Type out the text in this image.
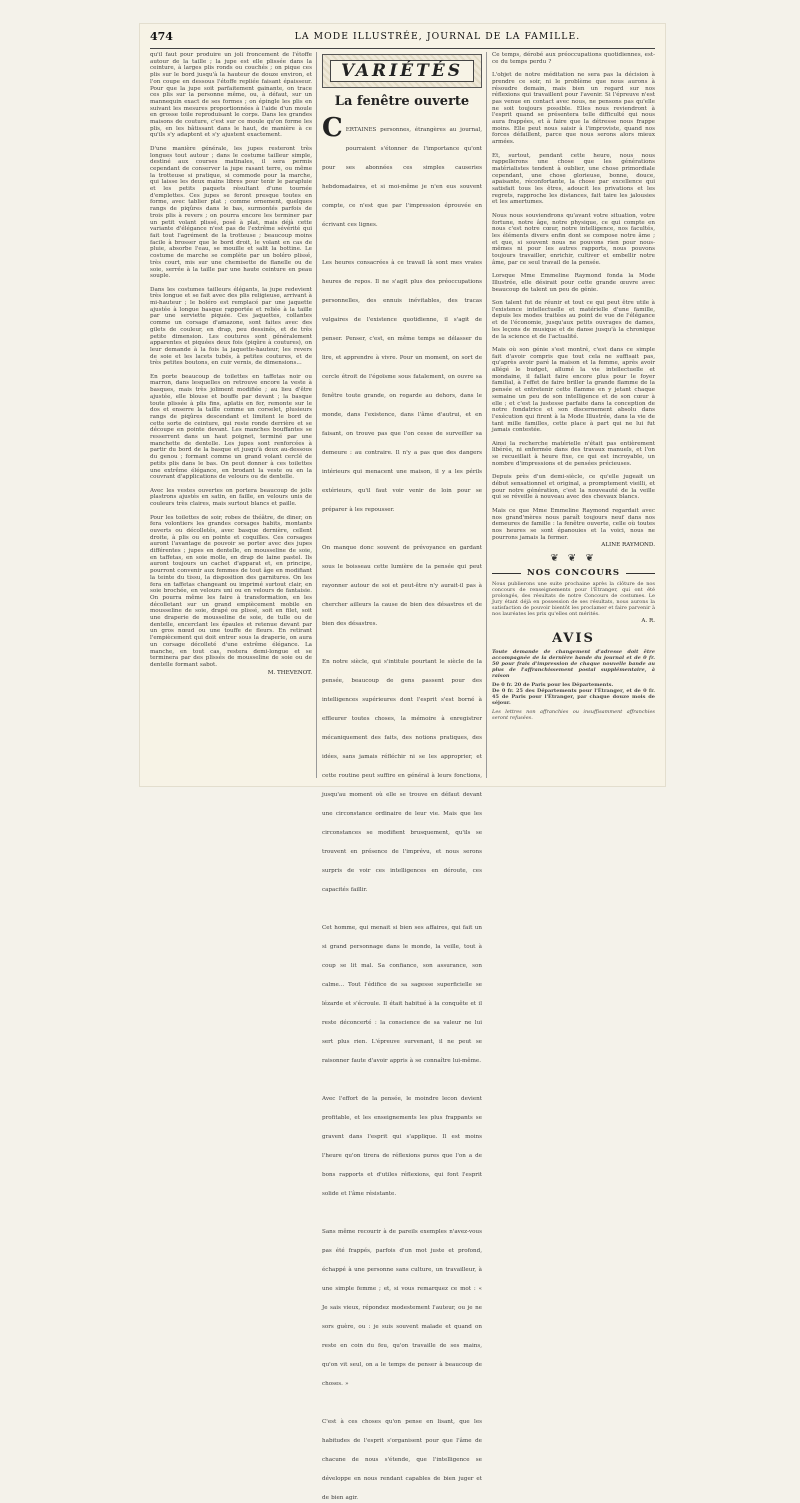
474	LA MODE ILLUSTRÉE, JOURNAL DE LA FAMILLE.
qu'il faut pour produire un joli froncement de l'étoffe autour de la taille ; la jupe est elle plissée dans la ceinture, à larges plis ronds ou couchés ; on pique ces plis sur le bord jusqu'à la hauteur de douze environ, et l'on coupe en dessous l'étoffe repliée faisant épaisseur. Pour que la jupe soit parfaitement gainante, on trace ces plis sur la personne même, ou, à défaut, sur un mannequin exact de ses formes ; on épingle les plis en suivant les mesures proportionnées à l'aide d'un moule en grosse toile reproduisant le corps. Dans les grandes maisons de couture, c'est sur ce moule qu'on forme les plis, en les bâtissant dans le haut, de manière à ce qu'ils s'y adaptent et s'y ajustent exactement.

D'une manière générale, les jupes resteront très longues tout autour ; dans le costume tailleur simple, destiné aux courses matinales, il sera permis cependant de conserver la jupe rasant terre, ou même la trotteuse si pratique, si commode pour la marche, qui laisse les deux mains libres pour tenir le parapluie et les petits paquets résultant d'une tournée d'emplettes. Ces jupes se feront presque toutes en forme, avec tablier plat ; comme ornement, quelques rangs de piqûres dans le bas, surmontés parfois de trois plis à revers ; on pourra encore les terminer par un petit volant plissé, posé à plat, mais déjà cette variante d'élégance n'est pas de l'extrême sévérité qui fait tout l'agrément de la trotteuse ; beaucoup moins facile à brosser que le bord droit, le volant en cas de pluie, absorbe l'eau, se mouille et salit la bottine. Le costume de marche se complète par un boléro plissé, très court, mis sur une chemisette de flanelle ou de soie, serrée à la taille par une haute ceinture en peau souple.

Dans les costumes tailleurs élégants, la jupe redevient très longue et se fait avec des plis religieuse, arrivant à mi-hauteur ; le boléro est remplacé par une jaquette ajustée à longue basque rapportée et reliée à la taille par une serviette piquée. Ces jaquettes, collantes comme un corsage d'amazone, sont faites avec des gilets de couleur, en drap, peu dessinés, et de très petite dimension. Les coutures sont généralement apparentes et piquées deux fois (piqûre à coutures), on leur demande à la fois la jaquette-hauteur, les revers de soie et les lacets tubés, à petites coutures, et de très petites boutons, en cuir vernis, de dimensions...

En porte beaucoup de toilettes en taffetas noir ou marron, dans lesquelles on retrouve encore la veste à basques, mais très joliment modifiée ; au lieu d'être ajustée, elle blouse et bouffe par devant ; la basque toute plissée à plis fins, aplatis en fer, remonte sur le dos et enserre la taille comme un corselet, plusieurs rangs de piqûres descendant et limitent le bord de cette sorte de ceinture, qui reste ronde derrière et se découpe en pointe devant. Les manches bouffantes se resserrent dans un haut poignet, terminé par une manchette de dentelle. Les jupes sont renforcées à partir du bord de la basque et jusqu'à deux au-dessous du genou ; formant comme un grand volant cerclé de petits plis dans le bas. On peut donner à ces toilettes une extrême élégance, en brodant la veste ou en la couvrant d'applications de velours ou de dentelle.

Avec les vestes ouvertes on portera beaucoup de jolis plastrons ajustés en satin, en faille, en velours unis de couleurs très claires, mais surtout blancs et paille.

Pour les toilettes de soir, robes de théâtre, de diner, on fera volontiers les grandes corsages habits, montants ouverts ou décolletés, avec basque dernière, cellent droite, à plis ou en pointe et coquilles. Ces corsages auront l'avantage de pouvoir se porter avec des jupes différentes ; jupes en dentelle, en mousseline de soie, en taffetas, en soie molle, en drap de laine pastel. Ils auront toujours un cachet d'apparat et, en principe, pourront convenir aux femmes de tout âge en modifiant la teinte du tissu, la disposition des garnitures. On les fera en taffetas changeant ou imprimé surtout clair, en soie brochée, en velours uni ou en velours de fantaisie. On pourra même les faire à transformation, en les décolletant sur un grand empiècement mobile en mousseline de soie, drapé ou plissé, soit en filet, soit une draperie de mousseline de soie, de tulle ou de dentelle, encerclant les épaules et retenue devant par un gros nœud ou une touffe de fleurs. En retirant l'empiècement qui doit entrer sous la draperie, on aura un corsage décolleté d'une extrême élégance. La manche, en tout cas, restera demi-longue et se terminera par des plissés de mousseline de soie ou de dentelle formant sabot.
M. THEVENOT.
VARIÉTÉS
La fenêtre ouverte
C ERTAINES personnes, étrangères au journal, pourraient s'étonner de l'importance qu'ont pour ses abonnées ces simples causeries hebdomadaires, et si moi-même je n'en eus souvent compte, ce n'est que par l'impression éprouvée en écrivant ces lignes.

Les heures consacrées à ce travail là sont mes vraies heures de repos. Il ne s'agit plus des préoccupations personnelles, des ennuis inévitables, des tracas vulgaires de l'existence quotidienne, il s'agit de penser. Penser, c'est, en même temps se délasser du lire, et apprendre à vivre. Pour un moment, on sort de cercle étroit de l'égoïsme sous fatalement, on ouvre sa fenêtre toute grande, on regarde au dehors, dans le monde, dans l'existence, dans l'âme d'autrui, et en faisant, on trouve pas que l'on cesse de surveiller sa demeure : au contraire. Il n'y a pas que des dangers intérieurs qui menacent une maison, il y a les périls extérieurs, qu'il faut voir venir de loin pour se préparer à les repousser.

On manque donc souvent de prévoyance en gardant sous le boisseau cette lumière de la pensée qui peut rayonner autour de soi et peut-être n'y aurait-il pas à chercher ailleurs la cause de bien des désastres et de bien des désastres.

En notre siècle, qui s'intitule pourtant le siècle de la pensée, beaucoup de gens passent pour des intelligences supérieures dont l'esprit s'est borné à effleurer toutes choses, la mémoire à enregistrer mécaniquement des faits, des notions pratiques, des idées, sans jamais réfléchir ni se les approprier, et cette routine peut suffire en général à leurs fonctions, jusqu'au moment où elle se trouve en défaut devant une circonstance ordinaire de leur vie. Mais que les circonstances se modifient brusquement, qu'ils se trouvent en présence de l'imprévu, et nous serons surpris de voir ces intelligences en déroute, ces capacités faillir.

Cet homme, qui menait si bien ses affaires, qui fait un si grand personnage dans le monde, la veille, tout à coup se lit mal. Sa confiance, son assurance, son calme... Tout l'édifice de sa sagesse superficielle se lézarde et s'écroule. Il était habitué à la conquête et il reste déconcerté : la conscience de sa valeur ne lui sert plus rien. L'épreuve survenant, il ne peut se raisonner faute d'avoir appris à se connaître lui-même.

Avec l'effort de la pensée, le moindre lecon devient profitable, et les enseignements les plus frappants se gravent dans l'esprit qui s'applique. Il est moins l'heure qu'on tirera de réflexions pures que l'on a de bons rapports et d'utiles réflexions, qui font l'esprit solide et l'âme résistante.

Sans même recourir à de pareils exemples n'avez-vous pas été frappés, parfois d'un mot juste et profond, échappé à une personne sans culture, un travailleur, à une simple femme ; et, si vous remarquez ce mot : « Je sais vieux, répondez modestement l'auteur, ou je ne sors guère, ou : je suis souvent malade et quand on reste en coin du feu, qu'on travaille de ses mains, qu'on vit seul, on a le temps de penser à beaucoup de choses. »

C'est à ces choses qu'on pense en lisant, que les habitudes de l'esprit s'organisent pour que l'âme de chacune de nous s'étende, que l'intelligence se développe en nous rendant capables de bien juger et de bien agir.
Ce temps, dérobé aux préoccupations quotidiennes, est-ce du temps perdu ?

L'objet de notre méditation ne sera pas la décision à prendre ce soir, ni le problème que nous aurons à résoudre demain, mais bien un regard sur nos réflexions qui travaillent pour l'avenir. Si l'épreuve n'est pas venue en contact avec nous, ne pensons pas qu'elle ne soit toujours possible. Elles nous reviendront à l'esprit quand se présentera telle difficulté qui nous aura frappées, et à faire que la détresse nous frappe moins. Elle peut nous saisir à l'improviste, quand nos forces défaillent, parce que nous serons alors mieux armées.

Et, surtout, pendant cette heure, nous nous rappellerons une chose que les générations matérialistes tendent à oublier, une chose primordiale cependant, une chose glorieuse, bonne, douce, apaisante, réconfortante, la chose par excellence qui satisfait tous les êtres, adoucit les privations et les regrets, rapproche les distances, fait taire les jalousies et les amertumes.

Nous nous souviendrons qu'avant votre situation, votre fortune, notre âge, notre physique, ce qui compte en nous c'est notre cœur, notre intelligence, nos facultés, les éléments divers enfin dont se compose notre âme ; et que, si souvent nous ne pouvons rien pour nous-mêmes ni pour les autres rapports, nous pouvons toujours travailler, enrichir, cultiver et embellir notre âme, par ce seul travail de la pensée.

Lorsque Mme Emmeline Raymond fonda la Mode Illustrée, elle désirait pour cette grande œuvre avec beaucoup de talent un peu de génie.

Son talent fut de réunir et tout ce qui peut être utile à l'existence intellectuelle et matérielle d'une famille, depuis les modes traitées au point de vue de l'élégance et de l'économie, jusqu'aux petits ouvrages de dames, les leçons de musique et de danse jusqu'à la chronique de la science et de l'actualité.

Mais où son génie s'est montré, c'est dans ce simple fait d'avoir compris que tout cela ne suffisait pas, qu'après avoir paré la maison et la femme, après avoir allégé le budget, allumé la vie intellectuelle et mondaine, il fallait faire encore plus pour le foyer familial, à l'effet de faire briller la grande flamme de la pensée et entretenir cette flamme en y jetant chaque semaine un peu de son intelligence et de son cœur à elle ; et c'est la justesse parfaite dans la conception de notre fondatrice et son discernement absolu dans l'exécution qui firent à la Mode Illustrée, dans la vie de tant mille familles, cette place à part qui ne lui fut jamais contestée.

Ainsi la recherche matérielle n'était pas entièrement libérée, ni enfermée dans des travaux manuels, et l'on se recueillait à heure fixe, ce qui est incroyable, un nombre d'impressions et de pensées précieuses.

Depuis près d'un demi-siècle, ce qu'elle jugeait un début sensationnel et original, a promptement vieilli, et pour notre génération, c'est la nouveauté de la veille qui se réveille à nouveau avec des chevaux blancs.

Mais ce que Mme Emmeline Raymond regardait avec nos grand'mères nous paraît toujours neuf dans nos demeures de famille : la fenêtre ouverte, celle où toutes nos heures se sont épanouies et la voici, nous ne pourrons jamais la fermer.
ALINE RAYMOND.
❦ ❦ ❦
NOS CONCOURS
Nous publierons une suite prochaine après la clôture de nos concours de renseignements pour l'Étranger, qui ont été prolongés, des résultats de notre Concours de costumes. Le Jury étant déjà en possession de ses résultats, nous aurons la satisfaction de pouvoir bientôt les proclamer et faire parvenir à nos lauréates les prix qu'elles ont mérités.
A. R.
AVIS
Toute demande de changement d'adresse doit être accompagnée de la dernière bande du journal et de 0 fr. 50 pour frais d'impression de chaque nouvelle bande au plus de l'affranchissement postal supplémentaire, à raison
De 0 fr. 20 de Paris pour les Départements.
De 0 fr. 25 des Départements pour l'Étranger, et de 0 fr. 45 de Paris pour l'Étranger, par chaque douze mois de séjour.
Les lettres non affranchies ou insuffisamment affranchies seront refusées.
